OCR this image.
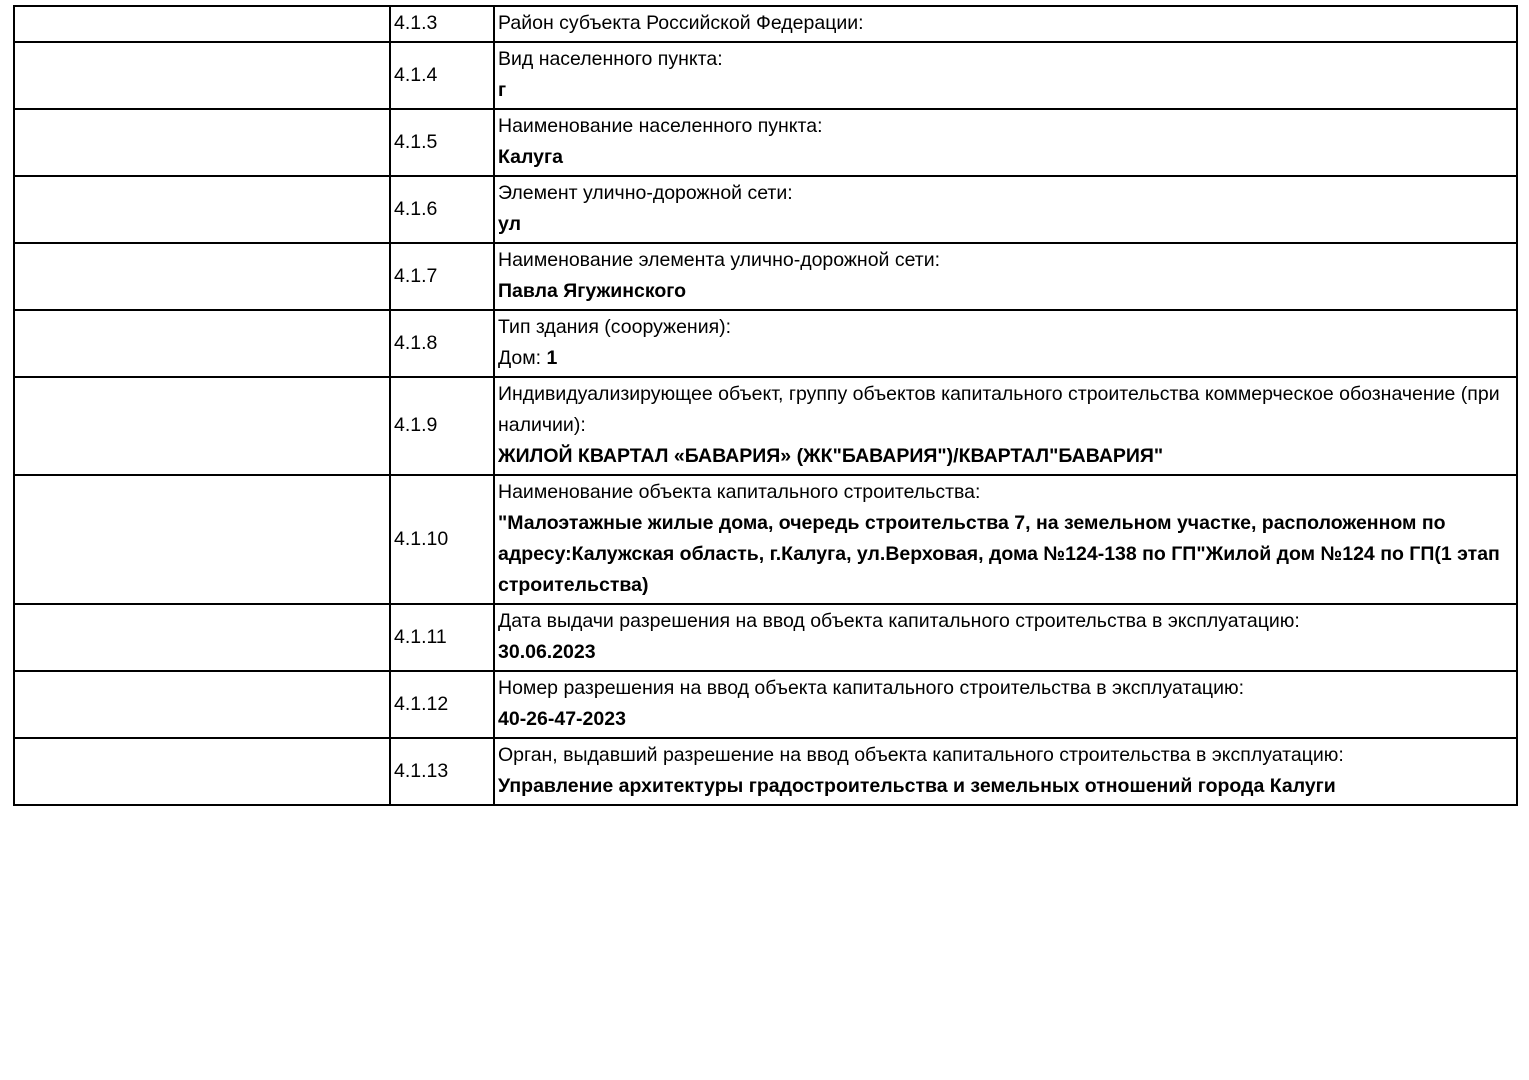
	4.1.3	Район субъекта Российской Федерации:

	4.1.4	Вид населенного пункта:
г

	4.1.5	Наименование населенного пункта:
Калуга

	4.1.6	Элемент улично-дорожной сети:
ул

	4.1.7	Наименование элемента улично-дорожной сети:
Павла Ягужинского

	4.1.8	Тип здания (сооружения):
Дом: 1

	4.1.9	Индивидуализирующее объект, группу объектов капитального строительства коммерческое обозначение (при наличии):
ЖИЛОЙ КВАРТАЛ «БАВАРИЯ» (ЖК"БАВАРИЯ")/КВАРТАЛ"БАВАРИЯ"

	4.1.10	Наименование объекта капитального строительства:
"Малоэтажные жилые дома, очередь строительства 7, на земельном участке, расположенном по адресу:Калужская область, г.Калуга, ул.Верховая, дома №124-138 по ГП"Жилой дом №124 по ГП(1 этап строительства)

	4.1.11	Дата выдачи разрешения на ввод объекта капитального строительства в эксплуатацию:
30.06.2023

	4.1.12	Номер разрешения на ввод объекта капитального строительства в эксплуатацию:
40-26-47-2023

	4.1.13	Орган, выдавший разрешение на ввод объекта капитального строительства в эксплуатацию:
Управление архитектуры градостроительства и земельных отношений города Калуги
